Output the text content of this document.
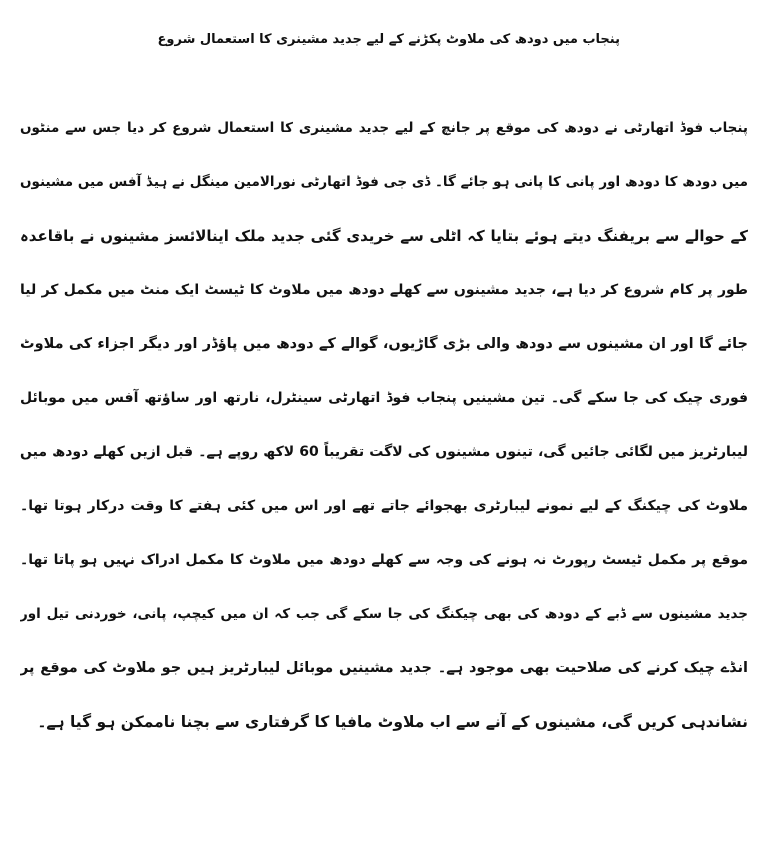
پنجاب میں دودھ کی ملاوٹ پکڑنے کے لیے جدید مشینری کا استعمال شروع
پنجاب فوڈ اتھارٹی نے دودھ کی موقع پر جانچ کے لیے جدید مشینری کا استعمال شروع کر دیا جس سے منٹوں
میں دودھ کا دودھ اور پانی کا پانی ہو جائے گا۔ ڈی جی فوڈ اتھارٹی نورالامین مینگل نے ہیڈ آفس میں مشینوں
کے حوالے سے بریفنگ دیتے ہوئے بتایا کہ اٹلی سے خریدی گئی جدید ملک اینالائسز مشینوں نے باقاعدہ
طور پر کام شروع کر دیا ہے، جدید مشینوں سے کھلے دودھ میں ملاوٹ کا ٹیسٹ ایک منٹ میں مکمل کر لیا
جائے گا اور ان مشینوں سے دودھ والی بڑی گاڑیوں، گوالے کے دودھ میں پاؤڈر اور دیگر اجزاء کی ملاوٹ
فوری چیک کی جا سکے گی۔ تین مشینیں پنجاب فوڈ اتھارٹی سینٹرل، نارتھ اور ساؤتھ آفس میں موبائل
لیبارٹریز میں لگائی جائیں گی، تینوں مشینوں کی لاگت تقریباً 60 لاکھ روپے ہے۔ قبل ازیں کھلے دودھ میں
ملاوٹ کی چیکنگ کے لیے نمونے لیبارٹری بھجوائے جاتے تھے اور اس میں کئی ہفتے کا وقت درکار ہوتا تھا۔
موقع پر مکمل ٹیسٹ رپورٹ نہ ہونے کی وجہ سے کھلے دودھ میں ملاوٹ کا مکمل ادراک نہیں ہو پاتا تھا۔
جدید مشینوں سے ڈبے کے دودھ کی بھی چیکنگ کی جا سکے گی جب کہ ان میں کیچپ، پانی، خوردنی تیل اور
انڈے چیک کرنے کی صلاحیت بھی موجود ہے۔ جدید مشینیں موبائل لیبارٹریز ہیں جو ملاوٹ کی موقع پر
نشاندہی کریں گی، مشینوں کے آنے سے اب ملاوٹ مافیا کا گرفتاری سے بچنا ناممکن ہو گیا ہے۔
